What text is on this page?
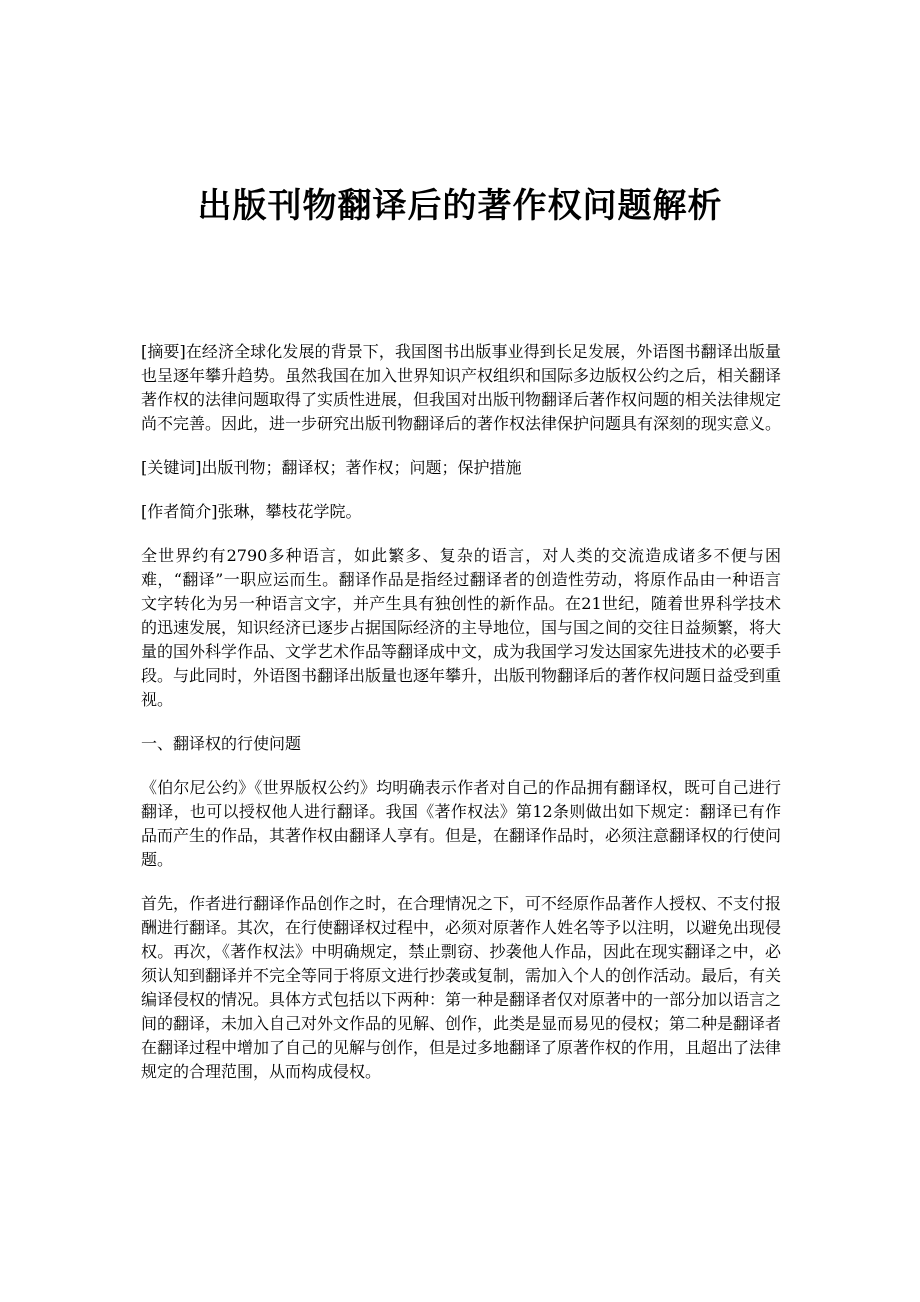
出版刊物翻译后的著作权问题解析

[摘要]在经济全球化发展的背景下，我国图书出版事业得到长足发展，外语图书翻译出版量也呈逐年攀升趋势。虽然我国在加入世界知识产权组织和国际多边版权公约之后，相关翻译著作权的法律问题取得了实质性进展，但我国对出版刊物翻译后著作权问题的相关法律规定尚不完善。因此，进一步研究出版刊物翻译后的著作权法律保护问题具有深刻的现实意义。

[关键词]出版刊物；翻译权；著作权；问题；保护措施

[作者简介]张琳，攀枝花学院。

全世界约有2790多种语言，如此繁多、复杂的语言，对人类的交流造成诸多不便与困难，“翻译”一职应运而生。翻译作品是指经过翻译者的创造性劳动，将原作品由一种语言文字转化为另一种语言文字，并产生具有独创性的新作品。在21世纪，随着世界科学技术的迅速发展，知识经济已逐步占据国际经济的主导地位，国与国之间的交往日益频繁，将大量的国外科学作品、文学艺术作品等翻译成中文，成为我国学习发达国家先进技术的必要手段。与此同时，外语图书翻译出版量也逐年攀升，出版刊物翻译后的著作权问题日益受到重视。

一、翻译权的行使问题

《伯尔尼公约》《世界版权公约》均明确表示作者对自己的作品拥有翻译权，既可自己进行翻译，也可以授权他人进行翻译。我国《著作权法》第12条则做出如下规定：翻译已有作品而产生的作品，其著作权由翻译人享有。但是，在翻译作品时，必须注意翻译权的行使问题。

首先，作者进行翻译作品创作之时，在合理情况之下，可不经原作品著作人授权、不支付报酬进行翻译。其次，在行使翻译权过程中，必须对原著作人姓名等予以注明，以避免出现侵权。再次，《著作权法》中明确规定，禁止剽窃、抄袭他人作品，因此在现实翻译之中，必须认知到翻译并不完全等同于将原文进行抄袭或复制，需加入个人的创作活动。最后，有关编译侵权的情况。具体方式包括以下两种：第一种是翻译者仅对原著中的一部分加以语言之间的翻译，未加入自己对外文作品的见解、创作，此类是显而易见的侵权；第二种是翻译者在翻译过程中增加了自己的见解与创作，但是过多地翻译了原著作权的作用，且超出了法律规定的合理范围，从而构成侵权。
